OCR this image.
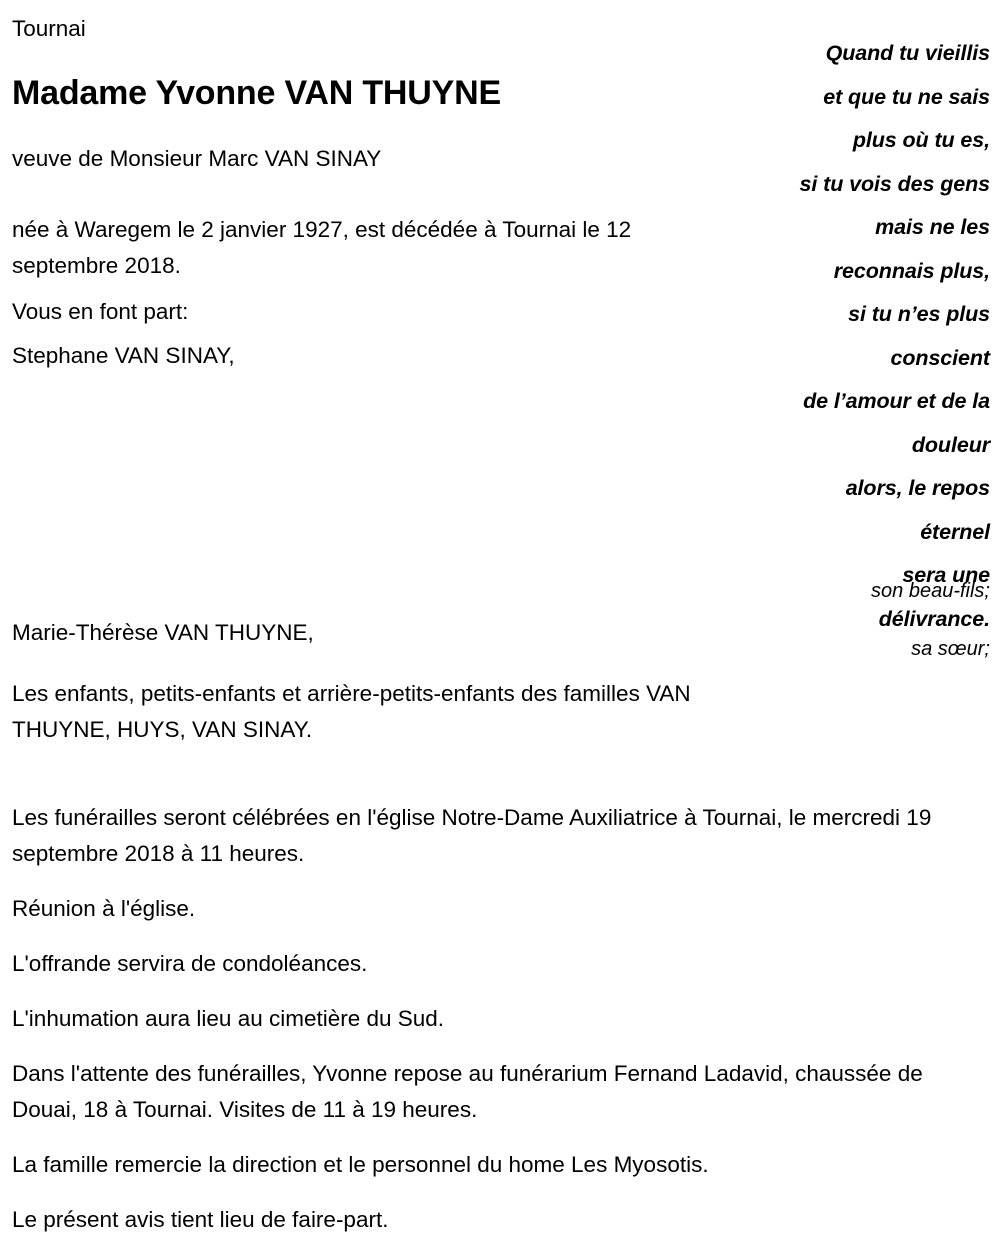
Quand tu vieillis
et que tu ne sais
plus où tu es,
si tu vois des gens
mais ne les
reconnais plus,
si tu n’es plus
conscient
de l’amour et de la
douleur
alors, le repos
éternel
sera une
délivrance.
son beau-fils;
sa sœur;
Tournai
Madame Yvonne VAN THUYNE
veuve de Monsieur Marc VAN SINAY
née à Waregem le 2 janvier 1927, est décédée à Tournai le 12 septembre 2018.
Vous en font part:
Stephane VAN SINAY,
Marie-Thérèse VAN THUYNE,
Les enfants, petits-enfants et arrière-petits-enfants des familles VAN THUYNE, HUYS, VAN SINAY.
Les funérailles seront célébrées en l'église Notre-Dame Auxiliatrice à Tournai, le mercredi 19 septembre 2018 à 11 heures.
Réunion à l'église.
L'offrande servira de condoléances.
L'inhumation aura lieu au cimetière du Sud.
Dans l'attente des funérailles, Yvonne repose au funérarium Fernand Ladavid, chaussée de Douai, 18 à Tournai. Visites de 11 à 19 heures.
La famille remercie la direction et le personnel du home Les Myosotis.
Le présent avis tient lieu de faire-part.
